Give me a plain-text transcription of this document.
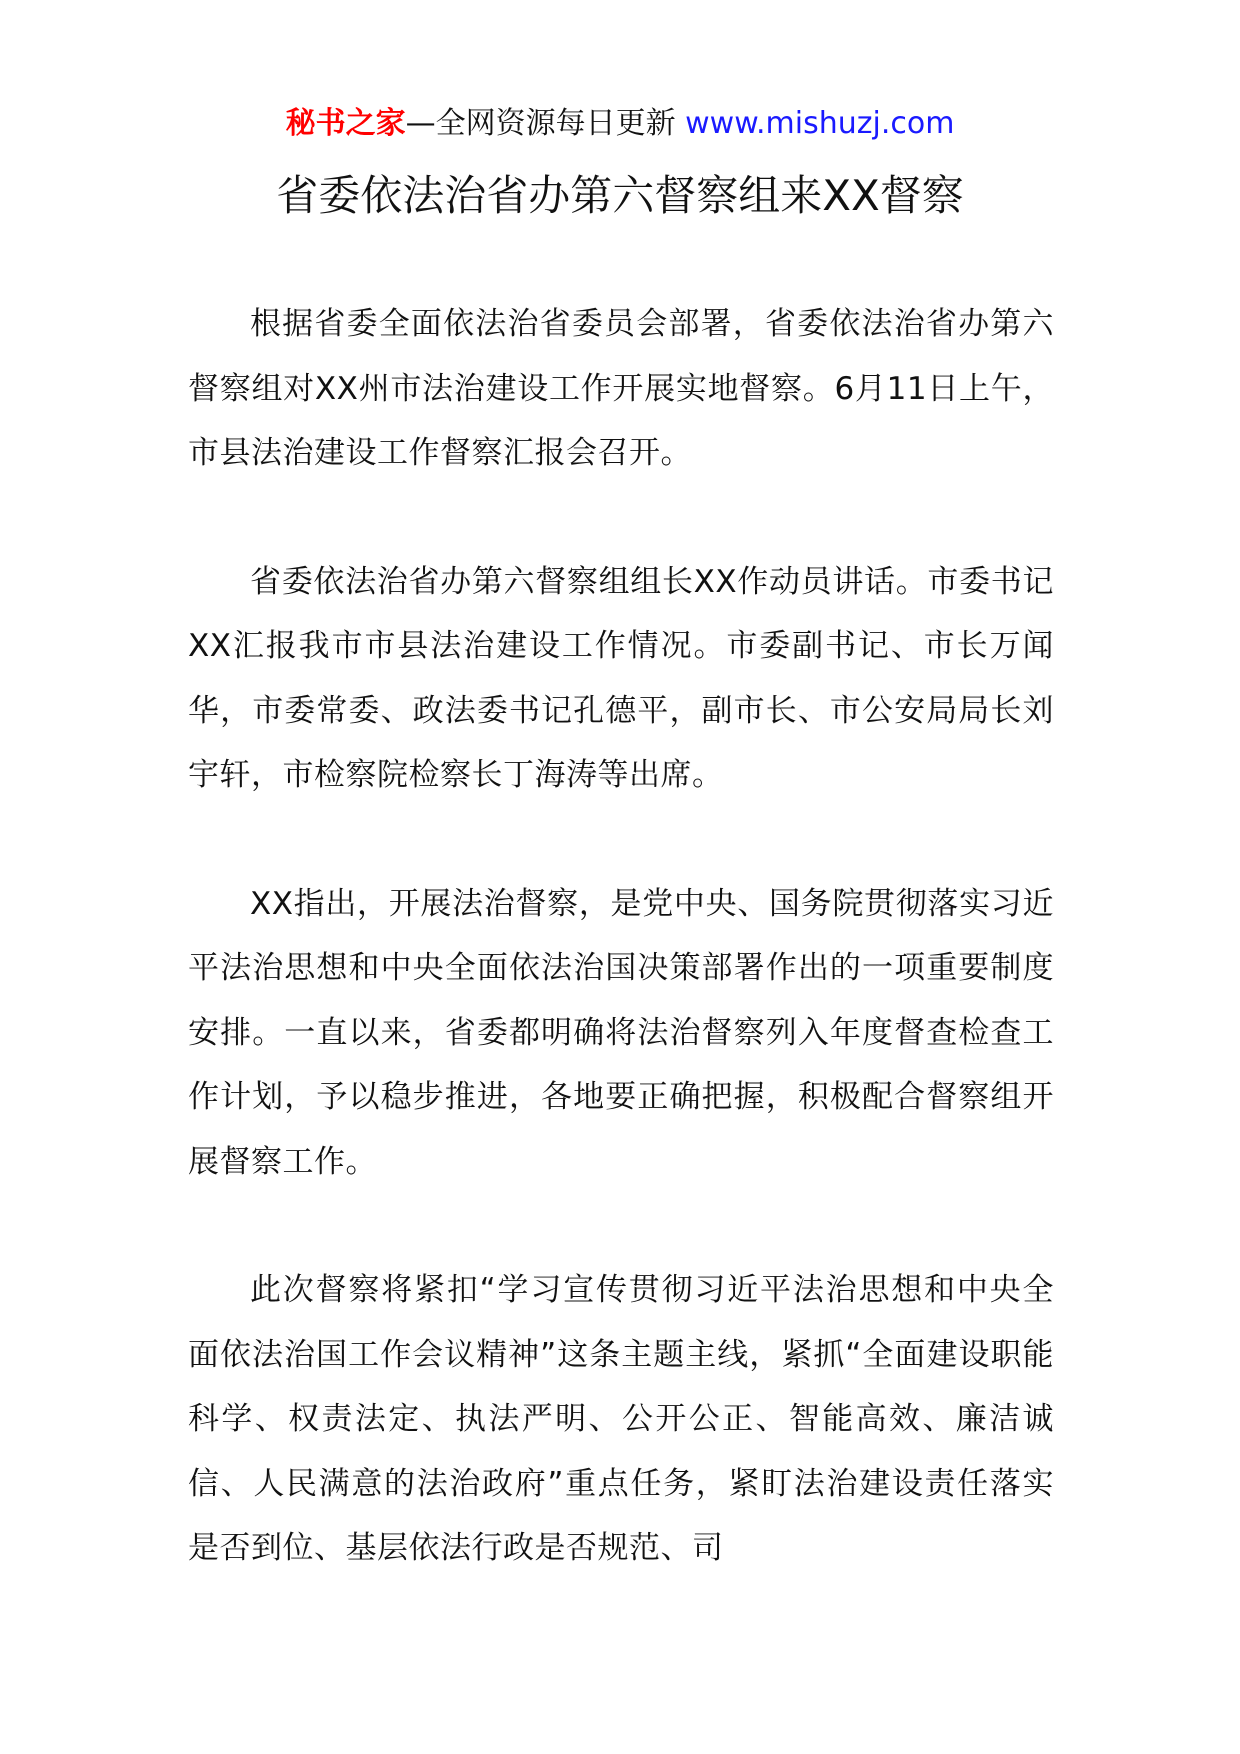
秘书之家—全网资源每日更新 www.mishuzj.com
省委依法治省办第六督察组来XX督察

根据省委全面依法治省委员会部署，省委依法治省办第六督察组对XX州市法治建设工作开展实地督察。6月11日上午，市县法治建设工作督察汇报会召开。

省委依法治省办第六督察组组长XX作动员讲话。市委书记XX汇报我市市县法治建设工作情况。市委副书记、市长万闻华，市委常委、政法委书记孔德平，副市长、市公安局局长刘宇轩，市检察院检察长丁海涛等出席。

XX指出，开展法治督察，是党中央、国务院贯彻落实习近平法治思想和中央全面依法治国决策部署作出的一项重要制度安排。一直以来，省委都明确将法治督察列入年度督查检查工作计划，予以稳步推进，各地要正确把握，积极配合督察组开展督察工作。

此次督察将紧扣“学习宣传贯彻习近平法治思想和中央全面依法治国工作会议精神”这条主题主线，紧抓“全面建设职能科学、权责法定、执法严明、公开公正、智能高效、廉洁诚信、人民满意的法治政府”重点任务，紧盯法治建设责任落实是否到位、基层依法行政是否规范、司
